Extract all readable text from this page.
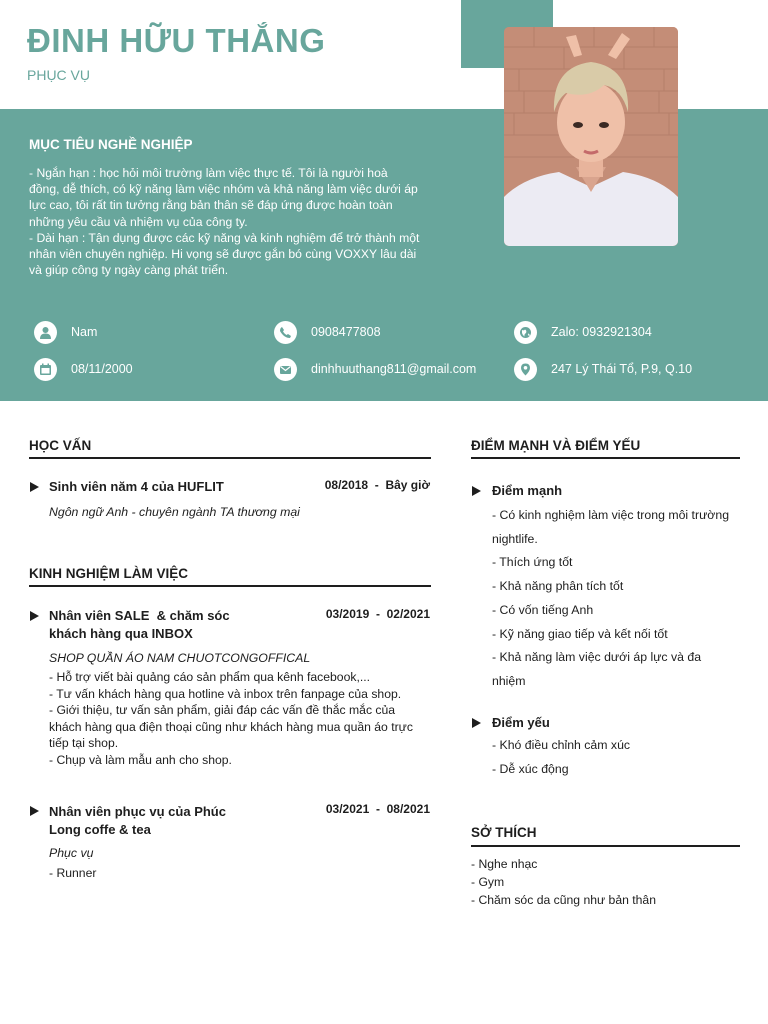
ĐINH HỮU THẮNG
PHỤC VỤ
MỤC TIÊU NGHỀ NGHIỆP
- Ngắn hạn : học hỏi môi trường làm việc thực tế. Tôi là người hoà
đồng, dễ thích, có kỹ năng làm việc nhóm và khả năng làm việc dưới áp
lực cao, tôi rất tin tưởng rằng bản thân sẽ đáp ứng được hoàn toàn
những yêu cầu và nhiệm vụ của công ty.
- Dài hạn : Tận dụng được các kỹ năng và kinh nghiệm để trở thành một
nhân viên chuyên nghiệp. Hi vọng sẽ được gắn bó cùng VOXXY lâu dài
và giúp công ty ngày càng phát triển.
Nam
08/11/2000
0908477808
dinhhuuthang811@gmail.com
Zalo: 0932921304
247 Lý Thái Tổ, P.9, Q.10
HỌC VẤN
Sinh viên năm 4 của HUFLIT	08/2018 - Bây giờ
Ngôn ngữ Anh - chuyên ngành TA thương mại
KINH NGHIỆM LÀM VIỆC
Nhân viên SALE  & chăm sóc
khách hàng qua INBOX
03/2019 - 02/2021
SHOP QUẦN ÁO NAM CHUOTCONGOFFICAL
- Hỗ trợ viết bài quảng cáo sản phẩm qua kênh facebook,...
- Tư vấn khách hàng qua hotline và inbox trên fanpage của shop.
- Giới thiệu, tư vấn sản phẩm, giải đáp các vấn đề thắc mắc của
khách hàng qua điện thoại cũng như khách hàng mua quần áo trực
tiếp tại shop.
- Chụp và làm mẫu anh cho shop.
Nhân viên phục vụ của Phúc
Long coffe & tea
03/2021 - 08/2021
Phục vụ
- Runner
ĐIỂM MẠNH VÀ ĐIỂM YẾU
Điểm mạnh
- Có kinh nghiệm làm việc trong môi trường
nightlife.
- Thích ứng tốt
- Khả năng phân tích tốt
- Có vốn tiếng Anh
- Kỹ năng giao tiếp và kết nối tốt
- Khả năng làm việc dưới áp lực và đa
nhiệm
Điểm yếu
- Khó điều chỉnh cảm xúc
- Dễ xúc động
SỞ THÍCH
- Nghe nhạc
- Gym
- Chăm sóc da cũng như bản thân
